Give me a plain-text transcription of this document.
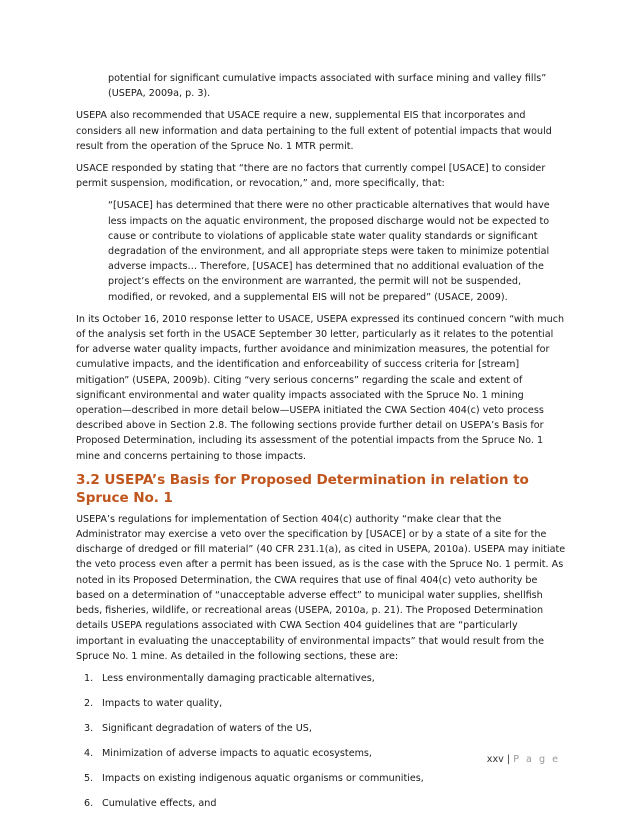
potential for significant cumulative impacts associated with surface mining and valley fills” (USEPA, 2009a, p. 3).

USEPA also recommended that USACE require a new, supplemental EIS that incorporates and considers all new information and data pertaining to the full extent of potential impacts that would result from the operation of the Spruce No. 1 MTR permit.

USACE responded by stating that “there are no factors that currently compel [USACE] to consider permit suspension, modification, or revocation,” and, more specifically, that:

“[USACE] has determined that there were no other practicable alternatives that would have less impacts on the aquatic environment, the proposed discharge would not be expected to cause or contribute to violations of applicable state water quality standards or significant degradation of the environment, and all appropriate steps were taken to minimize potential adverse impacts… Therefore, [USACE] has determined that no additional evaluation of the project’s effects on the environment are warranted, the permit will not be suspended, modified, or revoked, and a supplemental EIS will not be prepared” (USACE, 2009).

In its October 16, 2010 response letter to USACE, USEPA expressed its continued concern “with much of the analysis set forth in the USACE September 30 letter, particularly as it relates to the potential for adverse water quality impacts, further avoidance and minimization measures, the potential for cumulative impacts, and the identification and enforceability of success criteria for [stream] mitigation” (USEPA, 2009b). Citing “very serious concerns” regarding the scale and extent of significant environmental and water quality impacts associated with the Spruce No. 1 mining operation—described in more detail below—USEPA initiated the CWA Section 404(c) veto process described above in Section 2.8. The following sections provide further detail on USEPA’s Basis for Proposed Determination, including its assessment of the potential impacts from the Spruce No. 1 mine and concerns pertaining to those impacts.

3.2 USEPA’s Basis for Proposed Determination in relation to Spruce No. 1

USEPA’s regulations for implementation of Section 404(c) authority “make clear that the Administrator may exercise a veto over the specification by [USACE] or by a state of a site for the discharge of dredged or fill material” (40 CFR 231.1(a), as cited in USEPA, 2010a). USEPA may initiate the veto process even after a permit has been issued, as is the case with the Spruce No. 1 permit. As noted in its Proposed Determination, the CWA requires that use of final 404(c) veto authority be based on a determination of “unacceptable adverse effect” to municipal water supplies, shellfish beds, fisheries, wildlife, or recreational areas (USEPA, 2010a, p. 21). The Proposed Determination details USEPA regulations associated with CWA Section 404 guidelines that are “particularly important in evaluating the unacceptability of environmental impacts” that would result from the Spruce No. 1 mine. As detailed in the following sections, these are:

1. Less environmentally damaging practicable alternatives,
2. Impacts to water quality,
3. Significant degradation of waters of the US,
4. Minimization of adverse impacts to aquatic ecosystems,
5. Impacts on existing indigenous aquatic organisms or communities,
6. Cumulative effects, and
xxv | P a g e
